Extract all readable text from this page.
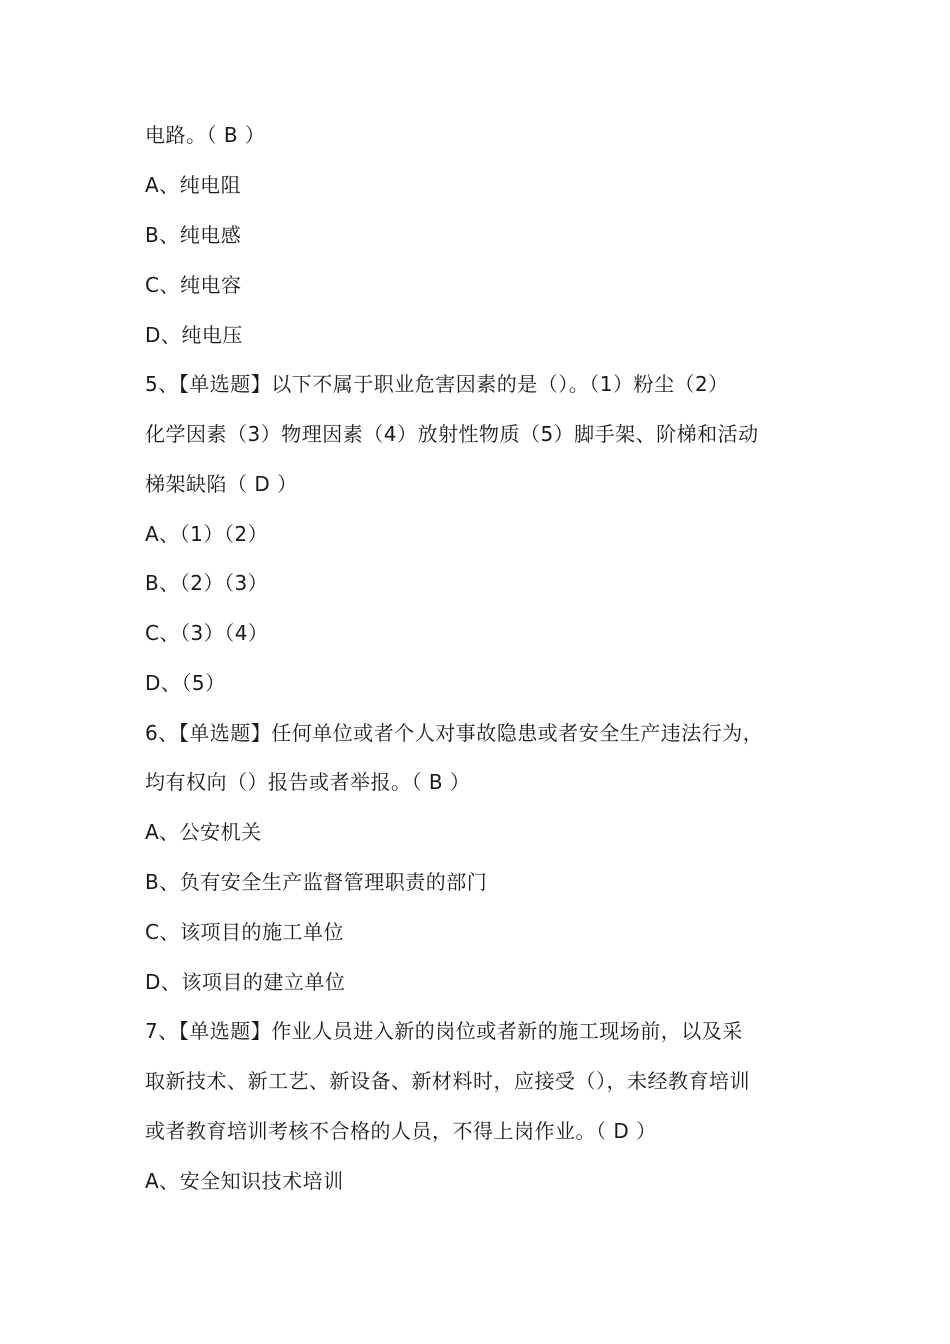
电路。（ B ）
A、纯电阻
B、纯电感
C、纯电容
D、纯电压
5、【单选题】以下不属于职业危害因素的是（）。（1）粉尘（2）
化学因素（3）物理因素（4）放射性物质（5）脚手架、阶梯和活动
梯架缺陷（ D ）
A、（1）（2）
B、（2）（3）
C、（3）（4）
D、（5）
6、【单选题】任何单位或者个人对事故隐患或者安全生产违法行为，
均有权向（）报告或者举报。（ B ）
A、公安机关
B、负有安全生产监督管理职责的部门
C、该项目的施工单位
D、该项目的建立单位
7、【单选题】作业人员进入新的岗位或者新的施工现场前，以及采
取新技术、新工艺、新设备、新材料时，应接受（），未经教育培训
或者教育培训考核不合格的人员，不得上岗作业。（ D ）
A、安全知识技术培训
